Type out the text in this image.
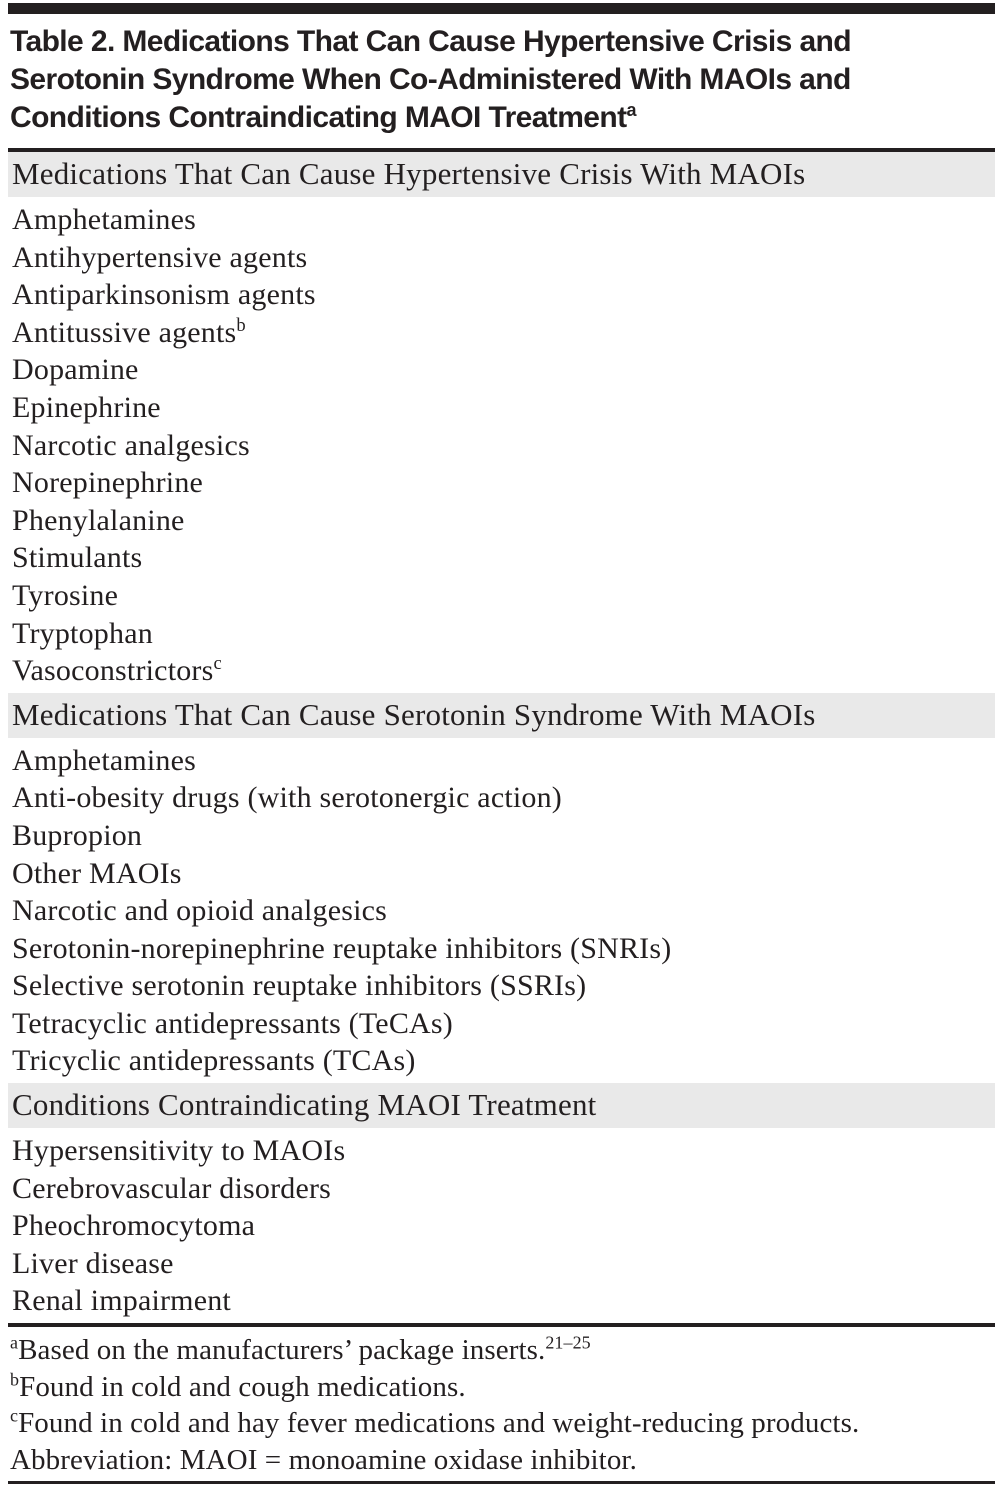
Table 2. Medications That Can Cause Hypertensive Crisis and
Serotonin Syndrome When Co-Administered With MAOIs and
Conditions Contraindicating MAOI Treatment$^a$
Medications That Can Cause Hypertensive Crisis With MAOIs
Amphetamines
Antihypertensive agents
Antiparkinsonism agents
Antitussive agents$^b$
Dopamine
Epinephrine
Narcotic analgesics
Norepinephrine
Phenylalanine
Stimulants
Tyrosine
Tryptophan
Vasoconstrictors$^c$
Medications That Can Cause Serotonin Syndrome With MAOIs
Amphetamines
Anti-obesity drugs (with serotonergic action)
Bupropion
Other MAOIs
Narcotic and opioid analgesics
Serotonin-norepinephrine reuptake inhibitors (SNRIs)
Selective serotonin reuptake inhibitors (SSRIs)
Tetracyclic antidepressants (TeCAs)
Tricyclic antidepressants (TCAs)
Conditions Contraindicating MAOI Treatment
Hypersensitivity to MAOIs
Cerebrovascular disorders
Pheochromocytoma
Liver disease
Renal impairment
$^a$Based on the manufacturers’ package inserts.$^{21-25}$
$^b$Found in cold and cough medications.
$^c$Found in cold and hay fever medications and weight-reducing products.
Abbreviation: MAOI = monoamine oxidase inhibitor.
